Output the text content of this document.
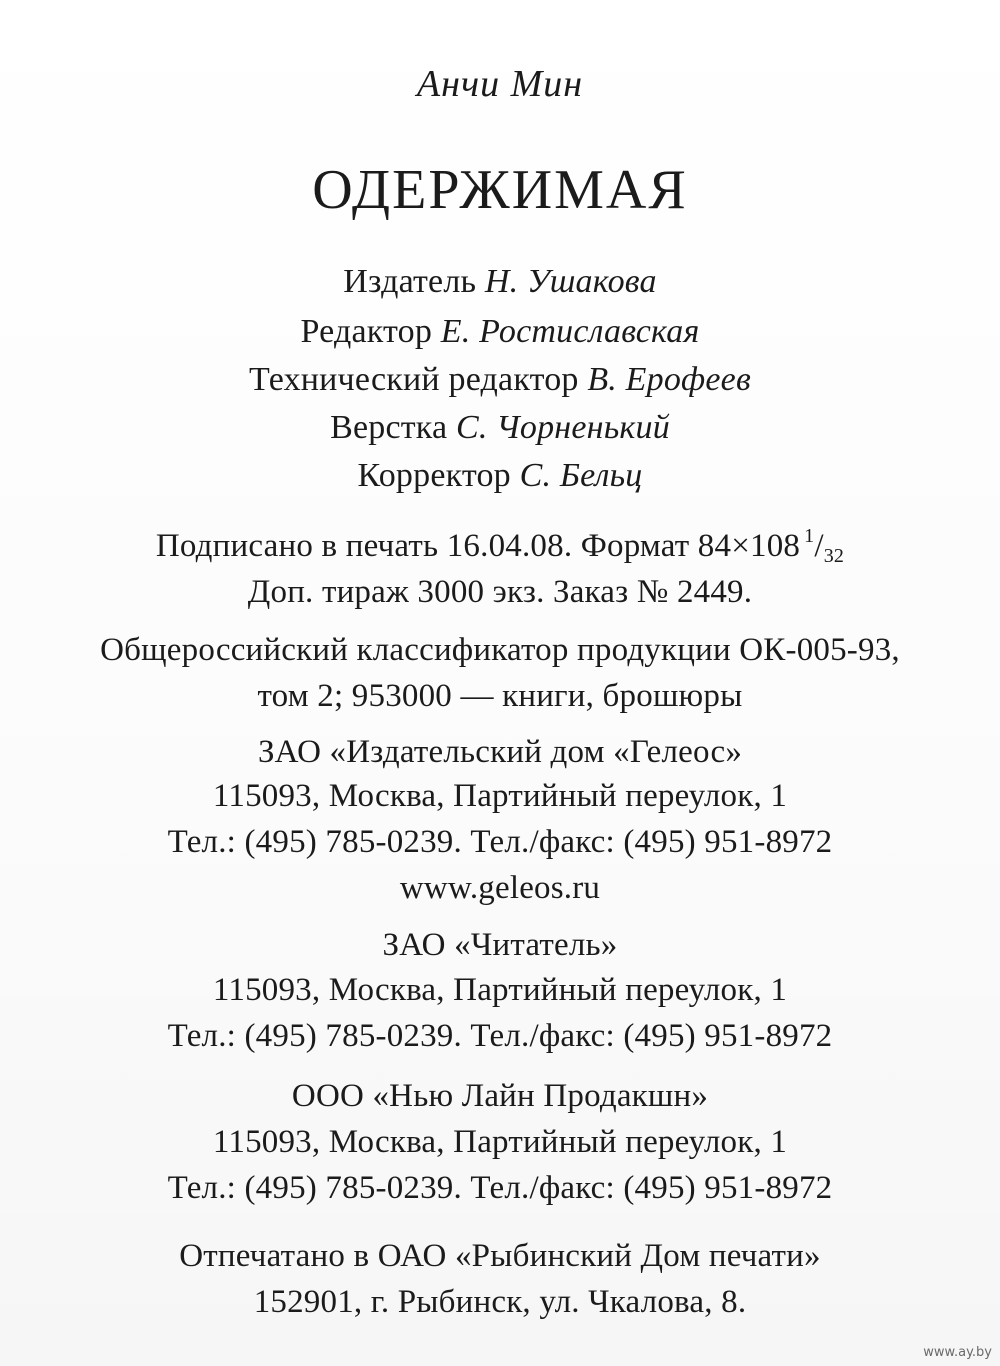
Анчи Мин
ОДЕРЖИМАЯ
Издатель Н. Ушакова
Редактор Е. Ростиславская
Технический редактор В. Ерофеев
Верстка С. Чорненький
Корректор С. Бельц
Подписано в печать 16.04.08. Формат 84×108 $^1$/32
Доп. тираж 3000 экз. Заказ № 2449.
Общероссийский классификатор продукции ОК-005-93,
том 2; 953000 — книги, брошюры
ЗАО «Издательский дом «Гелеос»
115093, Москва, Партийный переулок, 1
Тел.: (495) 785-0239. Тел./факс: (495) 951-8972
www.geleos.ru
ЗАО «Читатель»
115093, Москва, Партийный переулок, 1
Тел.: (495) 785-0239. Тел./факс: (495) 951-8972
ООО «Нью Лайн Продакшн»
115093, Москва, Партийный переулок, 1
Тел.: (495) 785-0239. Тел./факс: (495) 951-8972
Отпечатано в ОАО «Рыбинский Дом печати»
152901, г. Рыбинск, ул. Чкалова, 8.
www.ay.by
